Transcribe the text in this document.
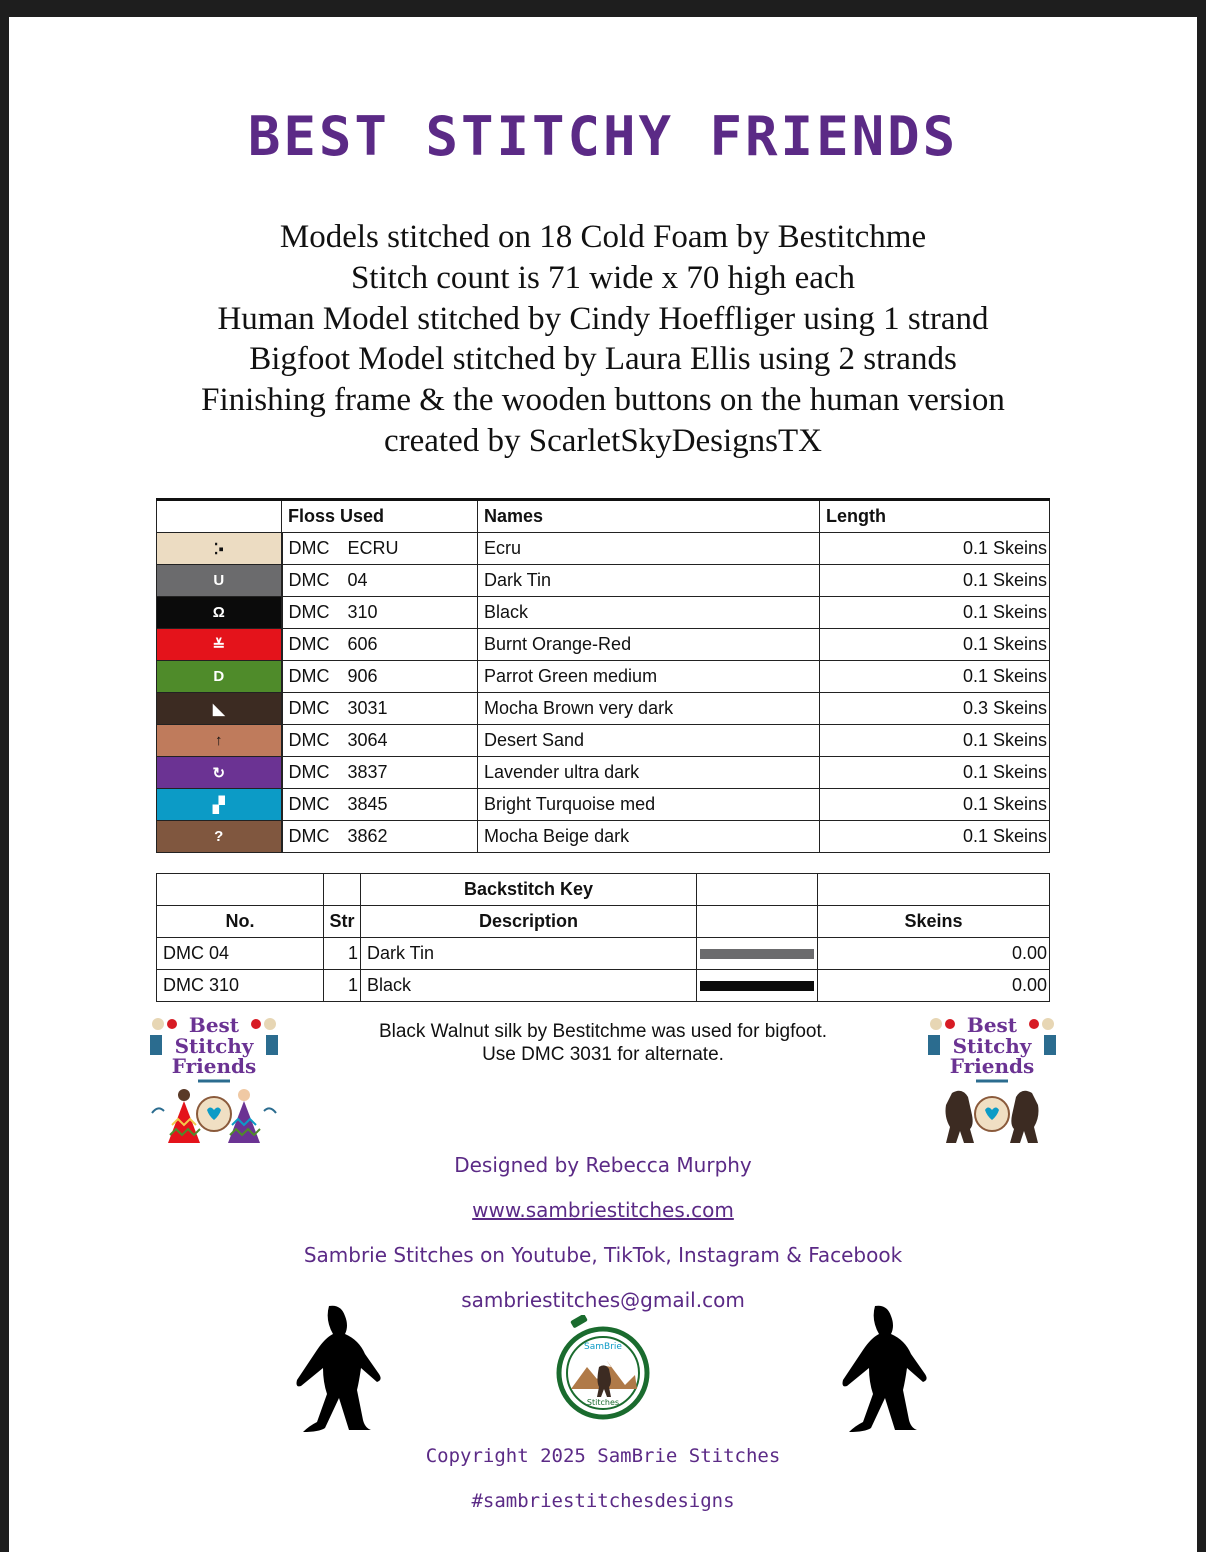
BEST STITCHY FRIENDS
Models stitched on 18 Cold Foam by Bestitchme
Stitch count is 71 wide x 70 high each
Human Model stitched by Cindy Hoeffliger using 1 strand
Bigfoot Model stitched by Laura Ellis using 2 strands
Finishing frame & the wooden buttons on the human version
created by ScarletSkyDesignsTX
	Floss Used	Names	Length
⁚▪	DMC ECRU	Ecru	0.1 Skeins
U	DMC 04	Dark Tin	0.1 Skeins
Ω	DMC 310	Black	0.1 Skeins
≚	DMC 606	Burnt Orange-Red	0.1 Skeins
D	DMC 906	Parrot Green medium	0.1 Skeins
◣	DMC 3031	Mocha Brown very dark	0.3 Skeins
↑	DMC 3064	Desert Sand	0.1 Skeins
↻	DMC 3837	Lavender ultra dark	0.1 Skeins
▞	DMC 3845	Bright Turquoise med	0.1 Skeins
?	DMC 3862	Mocha Beige dark	0.1 Skeins
		Backstitch Key		
No.	Str	Description		Skeins
DMC 04	1	Dark Tin		0.00
DMC 310	1	Black		0.00
Black Walnut silk by Bestitchme was used for bigfoot.
Use DMC 3031 for alternate.
Best
Stitchy
Friends
Best
Stitchy
Friends
Designed by Rebecca Murphy
www.sambriestitches.com
Sambrie Stitches on Youtube, TikTok, Instagram & Facebook
sambriestitches@gmail.com
SamBrie
Stitches
Copyright 2025 SamBrie Stitches
#sambriestitchesdesigns
